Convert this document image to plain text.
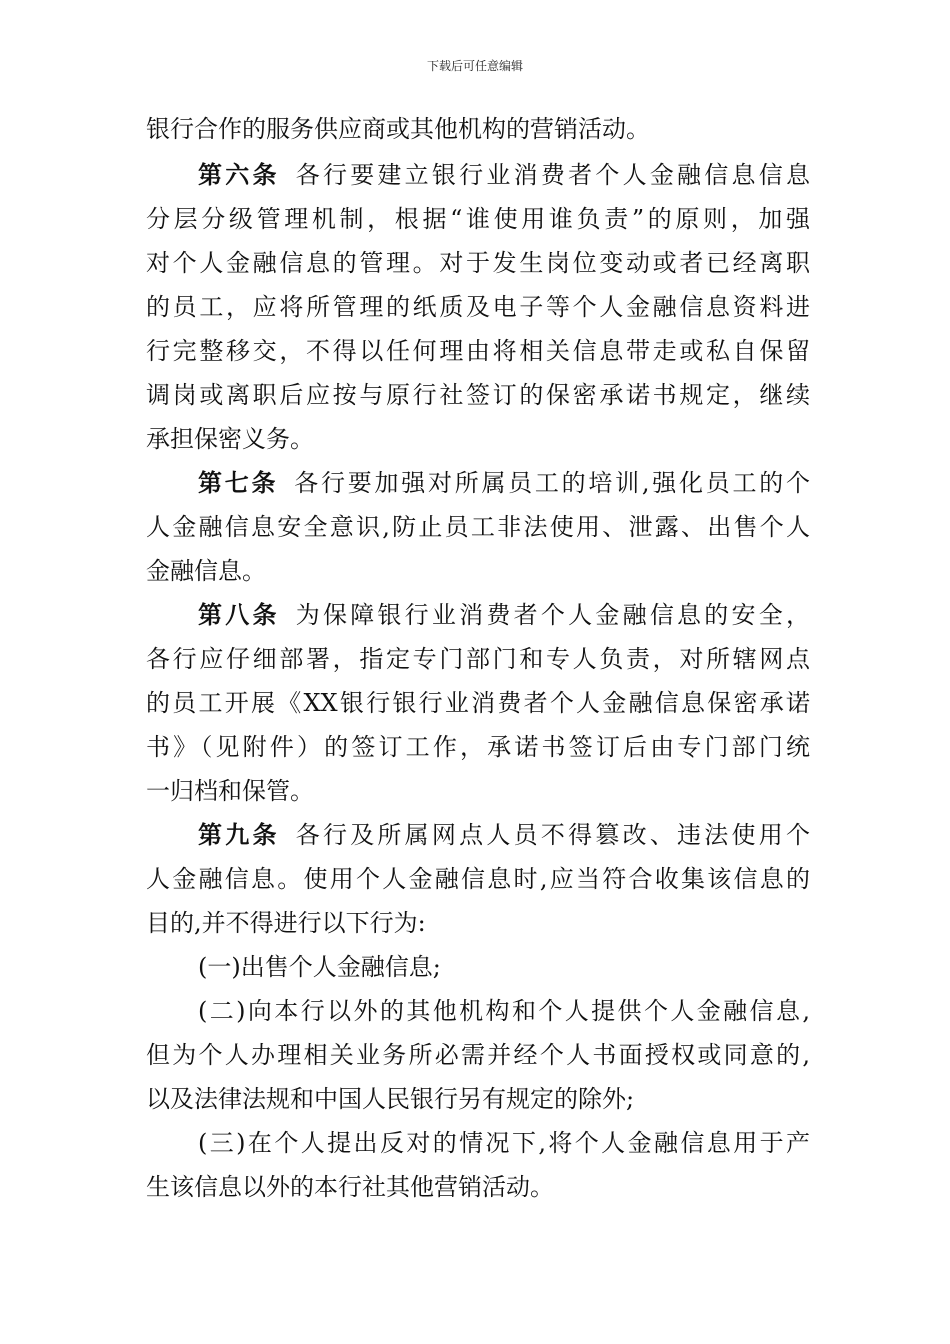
下载后可任意编辑
银行合作的服务供应商或其他机构的营销活动。
第六条 各行要建立银行业消费者个人金融信息信息
分层分级管理机制，根据“谁使用谁负责”的原则，加强
对个人金融信息的管理。对于发生岗位变动或者已经离职
的员工，应将所管理的纸质及电子等个人金融信息资料进
行完整移交，不得以任何理由将相关信息带走或私自保留
调岗或离职后应按与原行社签订的保密承诺书规定，继续
承担保密义务。
第七条 各行要加强对所属员工的培训,强化员工的个
人金融信息安全意识,防止员工非法使用、泄露、出售个人
金融信息。
第八条 为保障银行业消费者个人金融信息的安全，
各行应仔细部署，指定专门部门和专人负责，对所辖网点
的员工开展《XX银行银行业消费者个人金融信息保密承诺
书》（见附件）的签订工作，承诺书签订后由专门部门统
一归档和保管。
第九条 各行及所属网点人员不得篡改、违法使用个
人金融信息。使用个人金融信息时,应当符合收集该信息的
目的,并不得进行以下行为:
(一)出售个人金融信息;
(二)向本行以外的其他机构和个人提供个人金融信息,
但为个人办理相关业务所必需并经个人书面授权或同意的,
以及法律法规和中国人民银行另有规定的除外;
(三)在个人提出反对的情况下,将个人金融信息用于产
生该信息以外的本行社其他营销活动。
